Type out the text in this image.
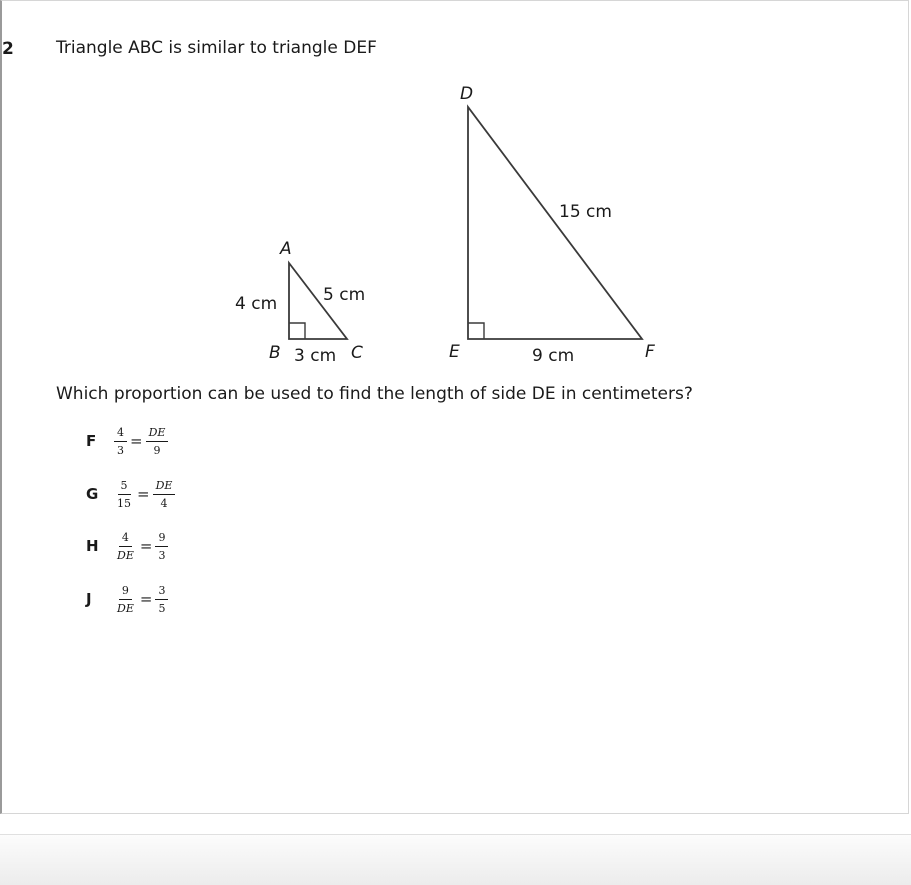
2 Triangle ABC is similar to triangle DEF
A
B	C
4 cm	5 cm
3 cm
D
E	F
15 cm
9 cm
Which proportion can be used to find the length of side DE in centimeters?
F	$\frac{4}{3} = \frac{DE}{9}$
G	$\frac{5}{15} = \frac{DE}{4}$
H	$\frac{4}{DE} = \frac{9}{3}$
J	$\frac{9}{DE} = \frac{3}{5}$
